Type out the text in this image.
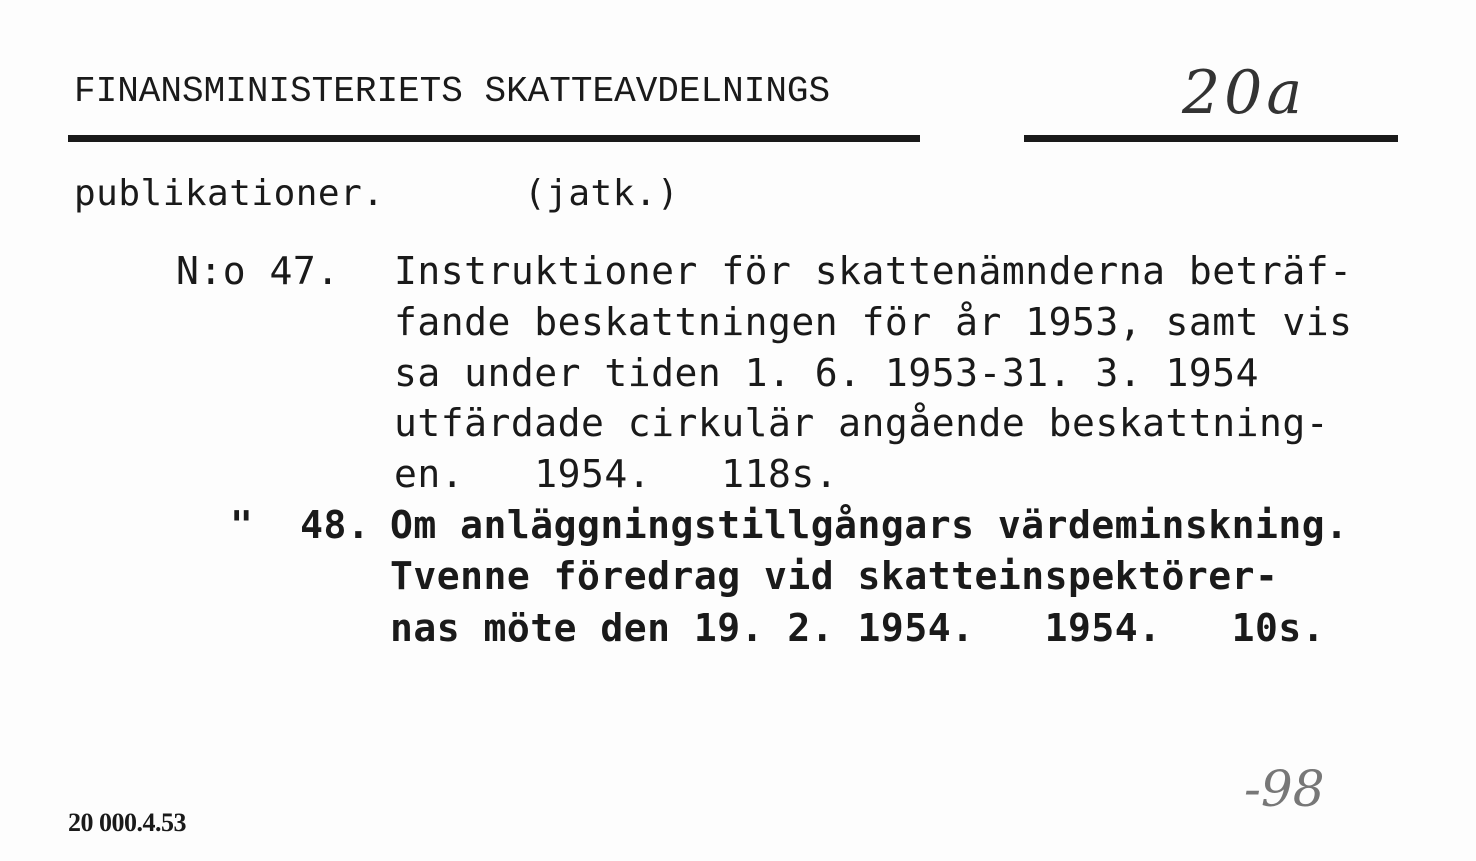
FINANSMINISTERIETS SKATTEAVDELNINGS	20a
publikationer.	(jatk.)
N:o 47. Instruktioner för skattenämnderna beträf-
fande beskattningen för år 1953, samt vis
sa under tiden 1. 6. 1953-31. 3. 1954
utfärdade cirkulär angående beskattning-
en.   1954.   118s.
"  48. Om anläggningstillgångars värdeminskning.
Tvenne föredrag vid skatteinspektörer-
nas möte den 19. 2. 1954.   1954.   10s.
20 000.4.53
-98
